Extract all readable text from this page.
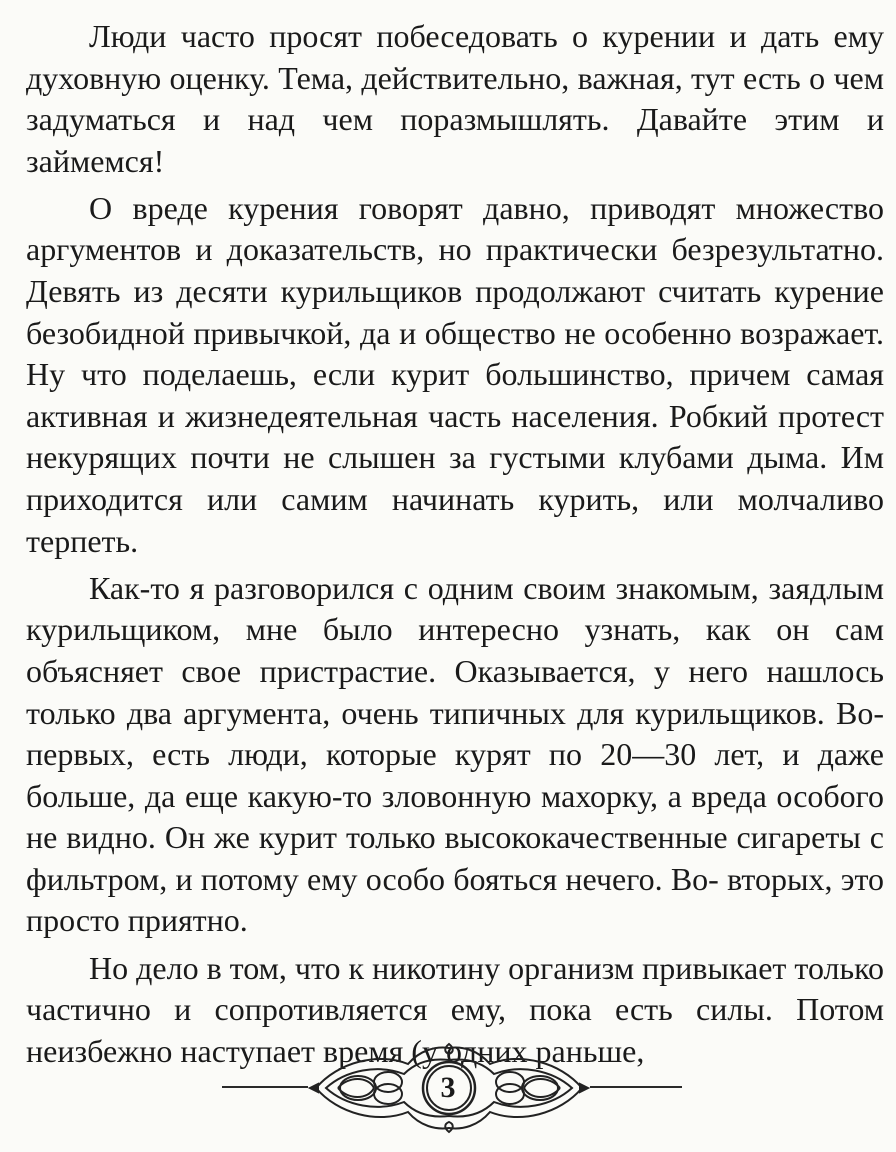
Люди часто просят побеседовать о курении и дать ему духовную оценку. Тема, действительно, важная, тут есть о чем задуматься и над чем поразмышлять. Давайте этим и займемся!

О вреде курения говорят давно, приводят множество аргументов и доказательств, но практически безрезультатно. Девять из десяти курильщиков продолжают считать курение безобидной привычкой, да и общество не особенно возражает. Ну что поделаешь, если курит большинство, причем самая активная и жизнедеятельная часть населения. Робкий протест некурящих почти не слышен за густыми клубами дыма. Им приходится или самим начинать курить, или молчаливо терпеть.

Как-то я разговорился с одним своим знакомым, заядлым курильщиком, мне было интересно узнать, как он сам объясняет свое пристрастие. Оказывается, у него нашлось только два аргумента, очень типичных для курильщиков. Во-первых, есть люди, которые курят по 20—30 лет, и даже больше, да еще какую-то зловонную махорку, а вреда особого не видно. Он же курит только высококачественные сигареты с фильтром, и потому ему особо бояться нечего. Во- вторых, это просто приятно.

Но дело в том, что к никотину организм привыкает только частично и сопротивляется ему, пока есть силы. Потом неизбежно наступает время (у одних раньше,

3
